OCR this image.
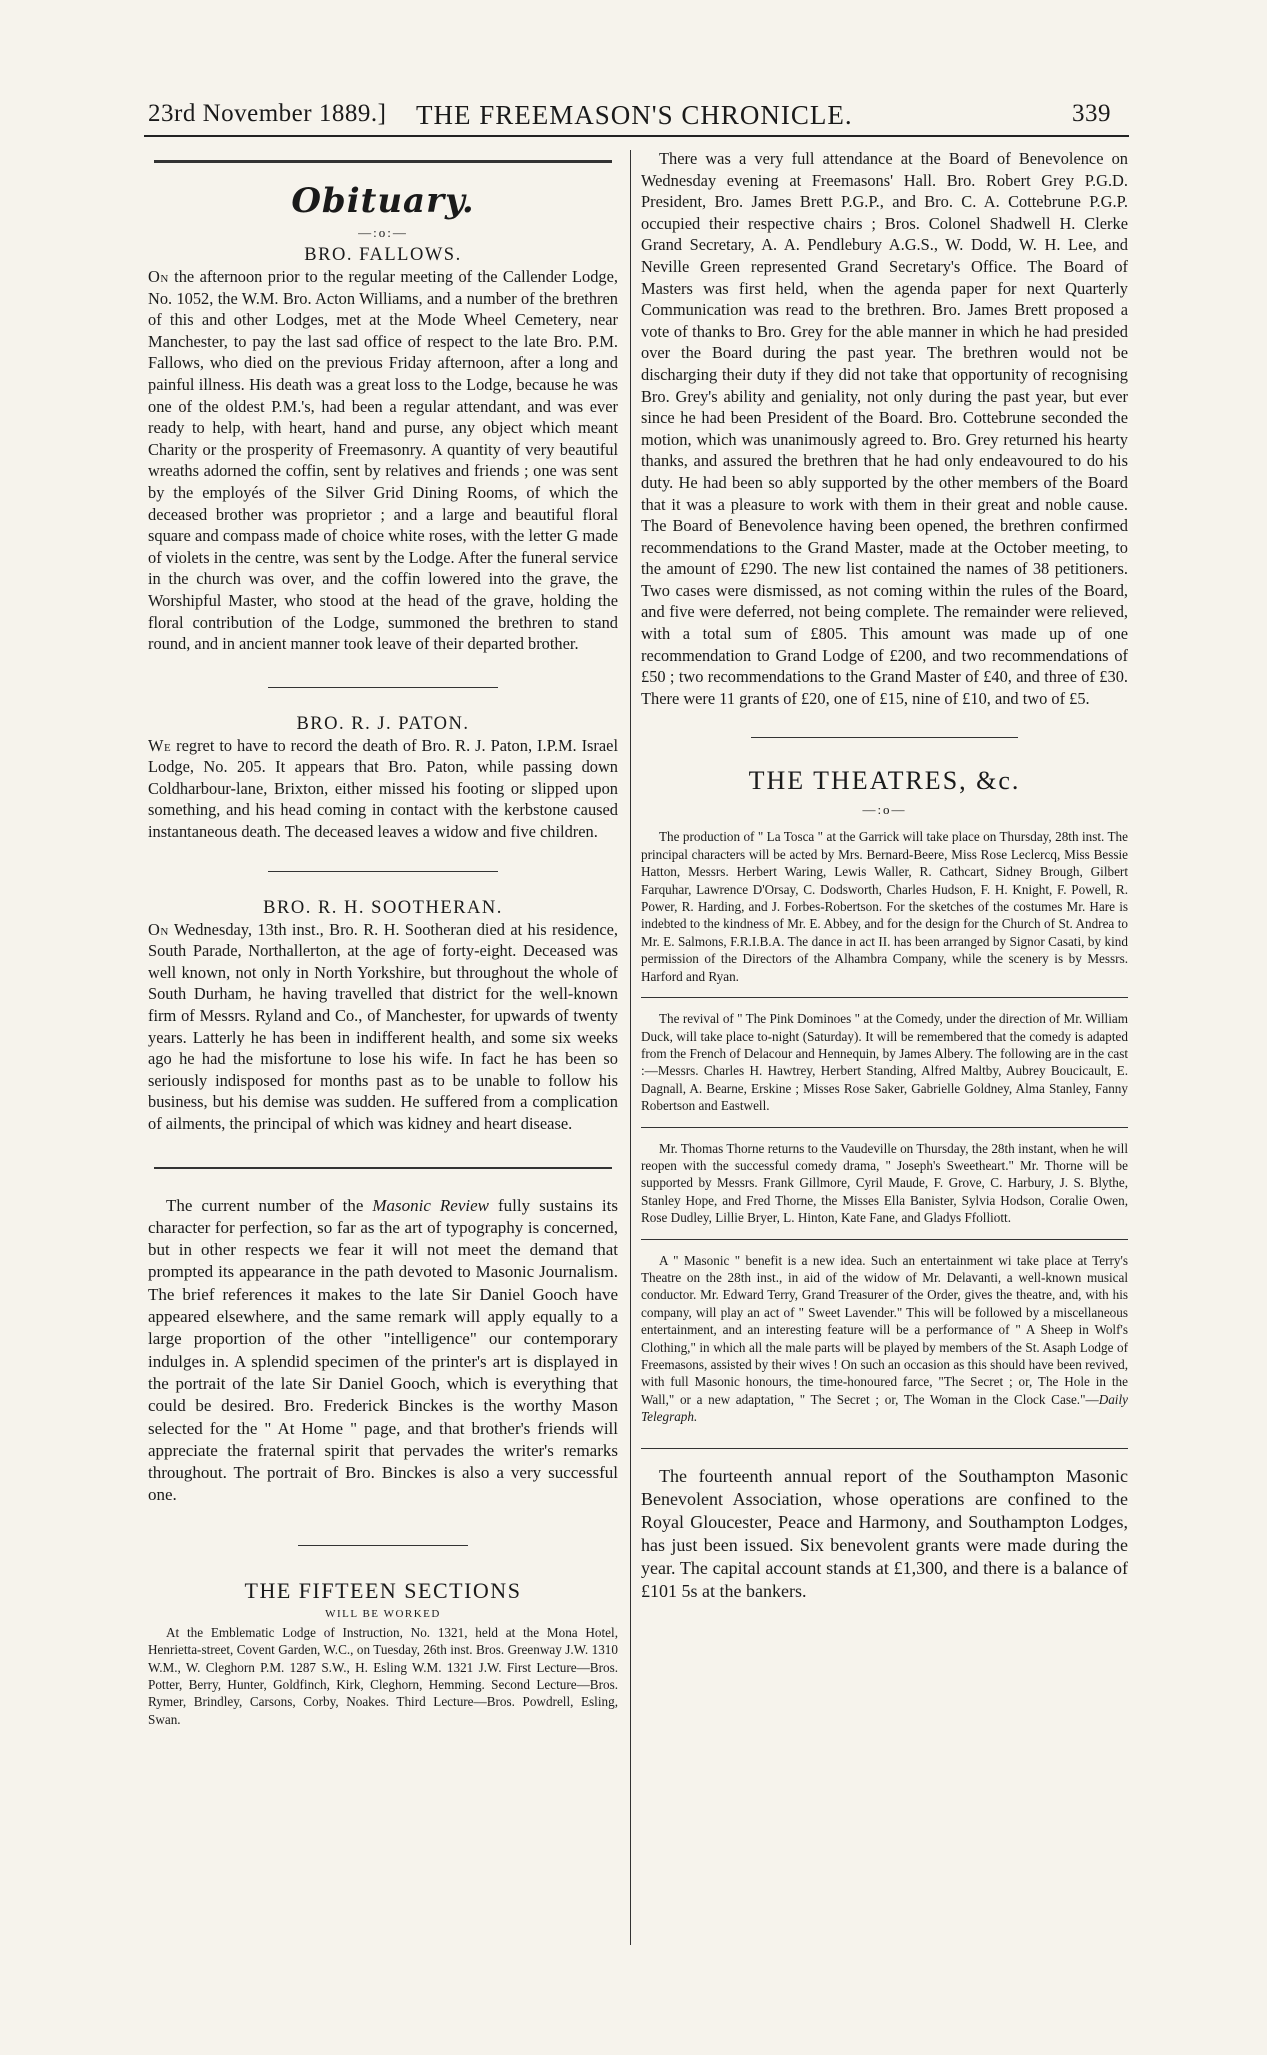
23rd November 1889.] THE FREEMASON'S CHRONICLE.	339
Obituary.
—:o:—

BRO. FALLOWS.

On the afternoon prior to the regular meeting of the Callender Lodge, No. 1052, the W.M. Bro. Acton Williams, and a number of the brethren of this and other Lodges, met at the Mode Wheel Cemetery, near Manchester, to pay the last sad office of respect to the late Bro. P.M. Fallows, who died on the previous Friday afternoon, after a long and painful illness. His death was a great loss to the Lodge, because he was one of the oldest P.M.'s, had been a regular attendant, and was ever ready to help, with heart, hand and purse, any object which meant Charity or the prosperity of Freemasonry. A quantity of very beautiful wreaths adorned the coffin, sent by relatives and friends ; one was sent by the employés of the Silver Grid Dining Rooms, of which the deceased brother was proprietor ; and a large and beautiful floral square and compass made of choice white roses, with the letter G made of violets in the centre, was sent by the Lodge. After the funeral service in the church was over, and the coffin lowered into the grave, the Worshipful Master, who stood at the head of the grave, holding the floral contribution of the Lodge, summoned the brethren to stand round, and in ancient manner took leave of their departed brother.

BRO. R. J. PATON.

We regret to have to record the death of Bro. R. J. Paton, I.P.M. Israel Lodge, No. 205. It appears that Bro. Paton, while passing down Coldharbour-lane, Brixton, either missed his footing or slipped upon something, and his head coming in contact with the kerbstone caused instantaneous death. The deceased leaves a widow and five children.

BRO. R. H. SOOTHERAN.

On Wednesday, 13th inst., Bro. R. H. Sootheran died at his residence, South Parade, Northallerton, at the age of forty-eight. Deceased was well known, not only in North Yorkshire, but throughout the whole of South Durham, he having travelled that district for the well-known firm of Messrs. Ryland and Co., of Manchester, for upwards of twenty years. Latterly he has been in indifferent health, and some six weeks ago he had the misfortune to lose his wife. In fact he has been so seriously indisposed for months past as to be unable to follow his business, but his demise was sudden. He suffered from a complication of ailments, the principal of which was kidney and heart disease.

The current number of the Masonic Review fully sustains its character for perfection, so far as the art of typography is concerned, but in other respects we fear it will not meet the demand that prompted its appearance in the path devoted to Masonic Journalism. The brief references it makes to the late Sir Daniel Gooch have appeared elsewhere, and the same remark will apply equally to a large proportion of the other "intelligence" our contemporary indulges in. A splendid specimen of the printer's art is displayed in the portrait of the late Sir Daniel Gooch, which is everything that could be desired. Bro. Frederick Binckes is the worthy Mason selected for the " At Home " page, and that brother's friends will appreciate the fraternal spirit that pervades the writer's remarks throughout. The portrait of Bro. Binckes is also a very successful one.

THE FIFTEEN SECTIONS
WILL BE WORKED

At the Emblematic Lodge of Instruction, No. 1321, held at the Mona Hotel, Henrietta-street, Covent Garden, W.C., on Tuesday, 26th inst. Bros. Greenway J.W. 1310 W.M., W. Cleghorn P.M. 1287 S.W., H. Esling W.M. 1321 J.W. First Lecture—Bros. Potter, Berry, Hunter, Goldfinch, Kirk, Cleghorn, Hemming. Second Lecture—Bros. Rymer, Brindley, Carsons, Corby, Noakes. Third Lecture—Bros. Powdrell, Esling, Swan.

There was a very full attendance at the Board of Benevolence on Wednesday evening at Freemasons' Hall. Bro. Robert Grey P.G.D. President, Bro. James Brett P.G.P., and Bro. C. A. Cottebrune P.G.P. occupied their respective chairs ; Bros. Colonel Shadwell H. Clerke Grand Secretary, A. A. Pendlebury A.G.S., W. Dodd, W. H. Lee, and Neville Green represented Grand Secretary's Office. The Board of Masters was first held, when the agenda paper for next Quarterly Communication was read to the brethren. Bro. James Brett proposed a vote of thanks to Bro. Grey for the able manner in which he had presided over the Board during the past year. The brethren would not be discharging their duty if they did not take that opportunity of recognising Bro. Grey's ability and geniality, not only during the past year, but ever since he had been President of the Board. Bro. Cottebrune seconded the motion, which was unanimously agreed to. Bro. Grey returned his hearty thanks, and assured the brethren that he had only endeavoured to do his duty. He had been so ably supported by the other members of the Board that it was a pleasure to work with them in their great and noble cause. The Board of Benevolence having been opened, the brethren confirmed recommendations to the Grand Master, made at the October meeting, to the amount of £290. The new list contained the names of 38 petitioners. Two cases were dismissed, as not coming within the rules of the Board, and five were deferred, not being complete. The remainder were relieved, with a total sum of £805. This amount was made up of one recommendation to Grand Lodge of £200, and two recommendations of £50 ; two recommendations to the Grand Master of £40, and three of £30. There were 11 grants of £20, one of £15, nine of £10, and two of £5.

THE THEATRES, &c.
—:o—

The production of " La Tosca " at the Garrick will take place on Thursday, 28th inst. The principal characters will be acted by Mrs. Bernard-Beere, Miss Rose Leclercq, Miss Bessie Hatton, Messrs. Herbert Waring, Lewis Waller, R. Cathcart, Sidney Brough, Gilbert Farquhar, Lawrence D'Orsay, C. Dodsworth, Charles Hudson, F. H. Knight, F. Powell, R. Power, R. Harding, and J. Forbes-Robertson. For the sketches of the costumes Mr. Hare is indebted to the kindness of Mr. E. Abbey, and for the design for the Church of St. Andrea to Mr. E. Salmons, F.R.I.B.A. The dance in act II. has been arranged by Signor Casati, by kind permission of the Directors of the Alhambra Company, while the scenery is by Messrs. Harford and Ryan.

The revival of " The Pink Dominoes " at the Comedy, under the direction of Mr. William Duck, will take place to-night (Saturday). It will be remembered that the comedy is adapted from the French of Delacour and Hennequin, by James Albery. The following are in the cast :—Messrs. Charles H. Hawtrey, Herbert Standing, Alfred Maltby, Aubrey Boucicault, E. Dagnall, A. Bearne, Erskine ; Misses Rose Saker, Gabrielle Goldney, Alma Stanley, Fanny Robertson and Eastwell.

Mr. Thomas Thorne returns to the Vaudeville on Thursday, the 28th instant, when he will reopen with the successful comedy drama, " Joseph's Sweetheart." Mr. Thorne will be supported by Messrs. Frank Gillmore, Cyril Maude, F. Grove, C. Harbury, J. S. Blythe, Stanley Hope, and Fred Thorne, the Misses Ella Banister, Sylvia Hodson, Coralie Owen, Rose Dudley, Lillie Bryer, L. Hinton, Kate Fane, and Gladys Ffolliott.

A " Masonic " benefit is a new idea. Such an entertainment wi take place at Terry's Theatre on the 28th inst., in aid of the widow of Mr. Delavanti, a well-known musical conductor. Mr. Edward Terry, Grand Treasurer of the Order, gives the theatre, and, with his company, will play an act of " Sweet Lavender." This will be followed by a miscellaneous entertainment, and an interesting feature will be a performance of " A Sheep in Wolf's Clothing," in which all the male parts will be played by members of the St. Asaph Lodge of Freemasons, assisted by their wives ! On such an occasion as this should have been revived, with full Masonic honours, the time-honoured farce, "The Secret ; or, The Hole in the Wall," or a new adaptation, " The Secret ; or, The Woman in the Clock Case."—Daily Telegraph.

The fourteenth annual report of the Southampton Masonic Benevolent Association, whose operations are confined to the Royal Gloucester, Peace and Harmony, and Southampton Lodges, has just been issued. Six benevolent grants were made during the year. The capital account stands at £1,300, and there is a balance of £101 5s at the bankers.
